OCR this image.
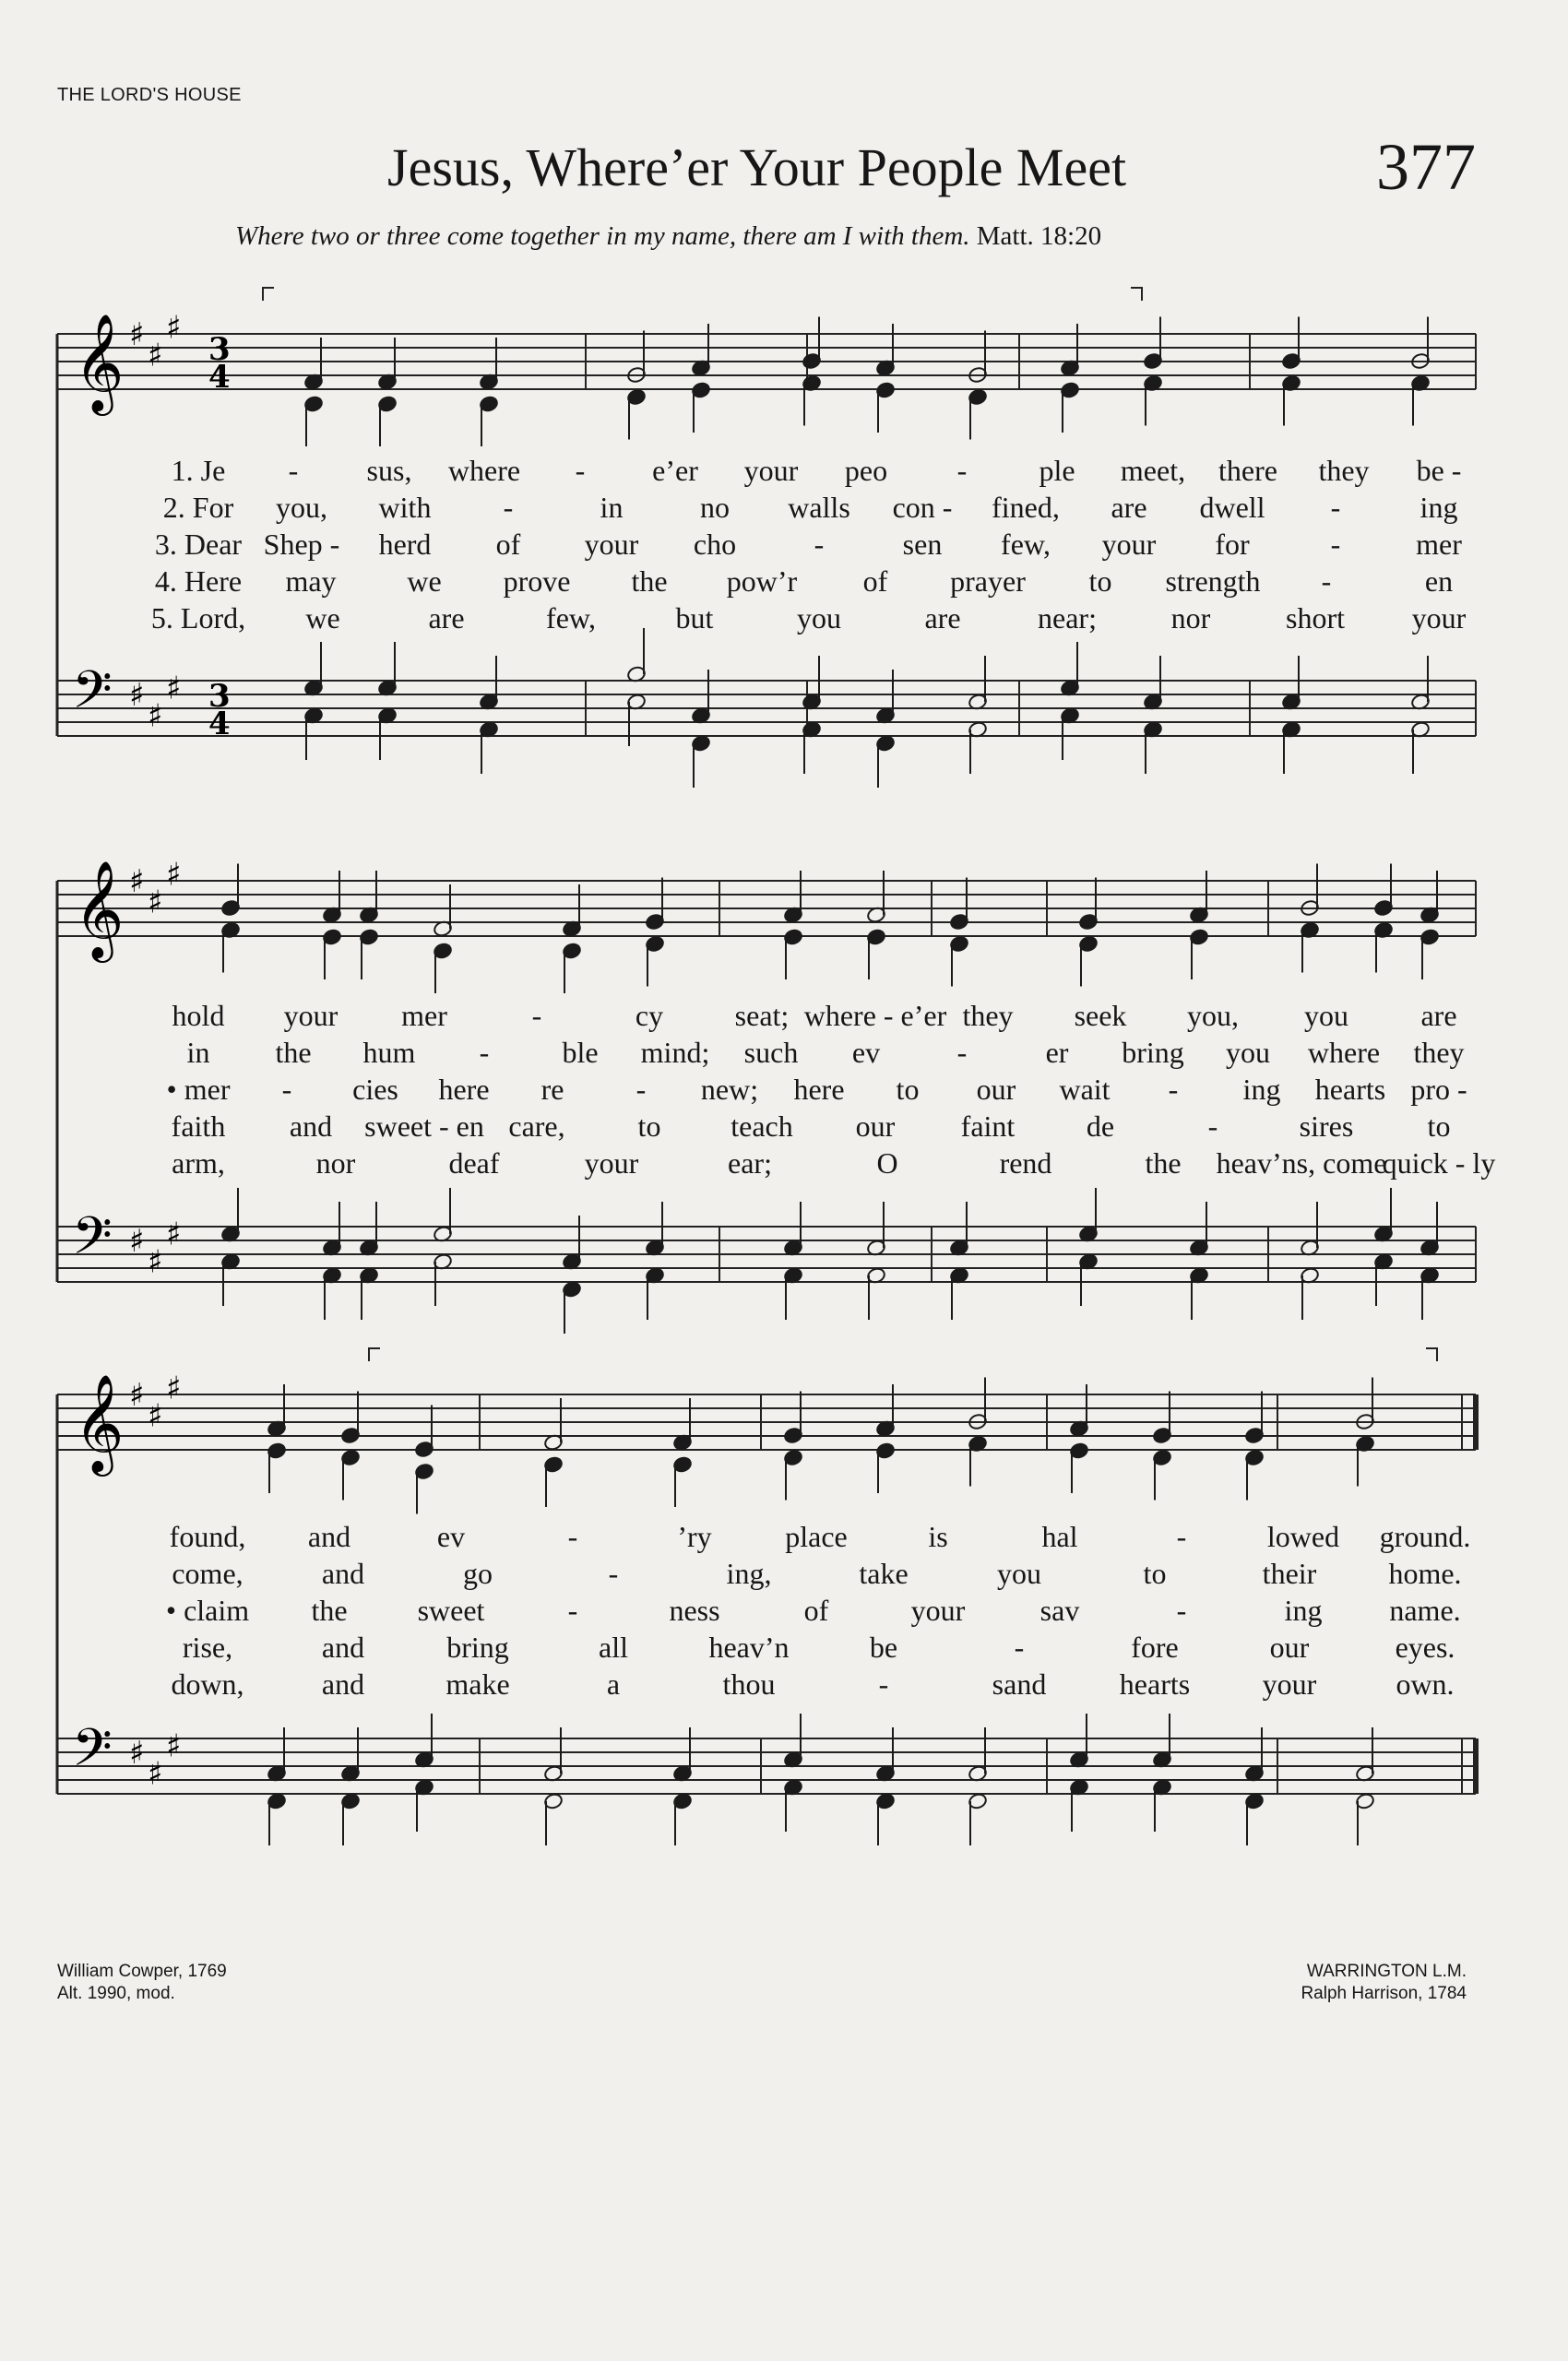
THE LORD'S HOUSE
Jesus, Where’er Your People Meet	377
Where two or three come together in my name, there am I with them. Matt. 18:20
𝄞
𝄢
♯
♯
♯
♯
♯
♯
3
4
3
4
𝄞
𝄢
♯
♯
♯
♯
♯
♯
𝄞
𝄢
♯
♯
♯
♯
♯
♯
1. Je - sus, where - e’er your peo - ple meet, there they be -
2. For you, with -	in	no walls con - fined, are dwell -	ing
3. Dear Shep - herd of your cho	-	sen few, your for	-	mer
4. Here may we prove the pow’r of prayer to strength -	en
5. Lord, we	are	few,	but	you	are	near;	nor	short your
hold your mer	-	cy seat; where - e’er they seek you, you are
in the hum - ble mind; such ev	-	er bring you where they
• mer - cies here re - new; here to our wait - ing hearts pro -
faith and sweet - en care, to teach our faint de	-	sires	to
arm,	nor	deaf	your	ear;	O	rend	the heav’ns, come
quick - ly
found, and	ev	-	’ry place	is	hal	-	lowed ground.
come,	and	go	-	ing,	take	you	to	their home.
• claim the sweet	-	ness	of	your	sav	-	ing name.
rise,	and	bring	all	heav’n	be	-	fore	our	eyes.
down,	and	make	a	thou	-	sand hearts your	own.
William Cowper, 1769
Alt. 1990, mod.
WARRINGTON L.M.
Ralph Harrison, 1784
